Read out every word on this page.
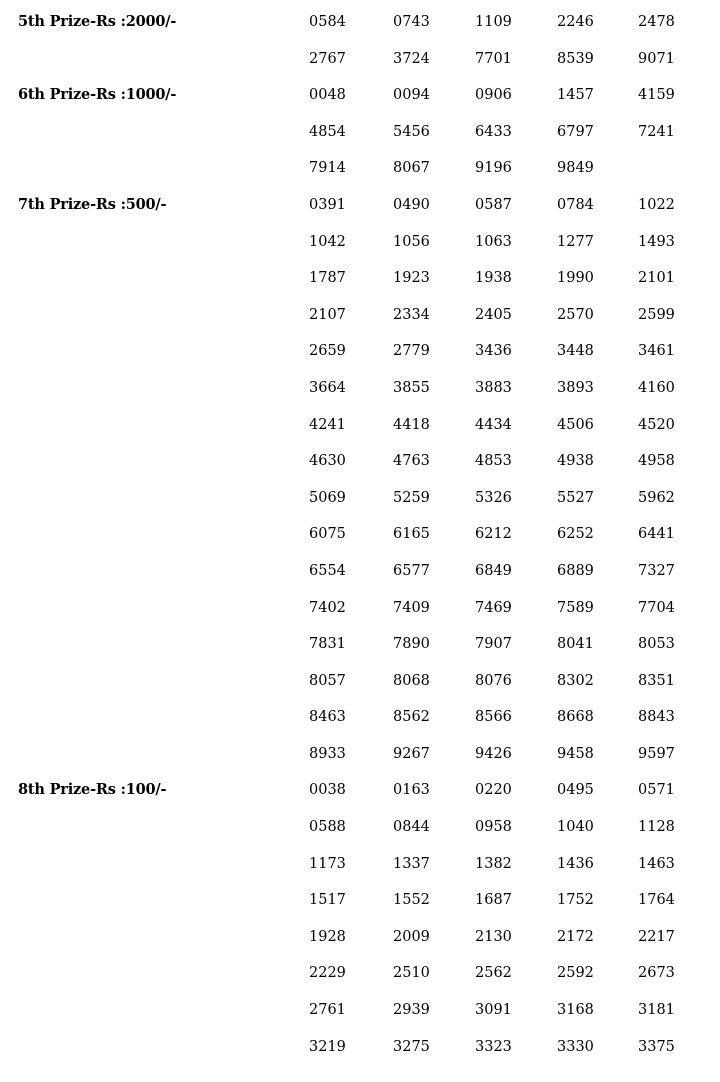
5th Prize-Rs :2000/-	0584	0743	1109	2246	2478
2767	3724	7701	8539	9071
6th Prize-Rs :1000/-	0048	0094	0906	1457	4159
4854	5456	6433	6797	7241
7914	8067	9196	9849
7th Prize-Rs :500/-	0391	0490	0587	0784	1022
1042	1056	1063	1277	1493
1787	1923	1938	1990	2101
2107	2334	2405	2570	2599
2659	2779	3436	3448	3461
3664	3855	3883	3893	4160
4241	4418	4434	4506	4520
4630	4763	4853	4938	4958
5069	5259	5326	5527	5962
6075	6165	6212	6252	6441
6554	6577	6849	6889	7327
7402	7409	7469	7589	7704
7831	7890	7907	8041	8053
8057	8068	8076	8302	8351
8463	8562	8566	8668	8843
8933	9267	9426	9458	9597
8th Prize-Rs :100/-	0038	0163	0220	0495	0571
0588	0844	0958	1040	1128
1173	1337	1382	1436	1463
1517	1552	1687	1752	1764
1928	2009	2130	2172	2217
2229	2510	2562	2592	2673
2761	2939	3091	3168	3181
3219	3275	3323	3330	3375
